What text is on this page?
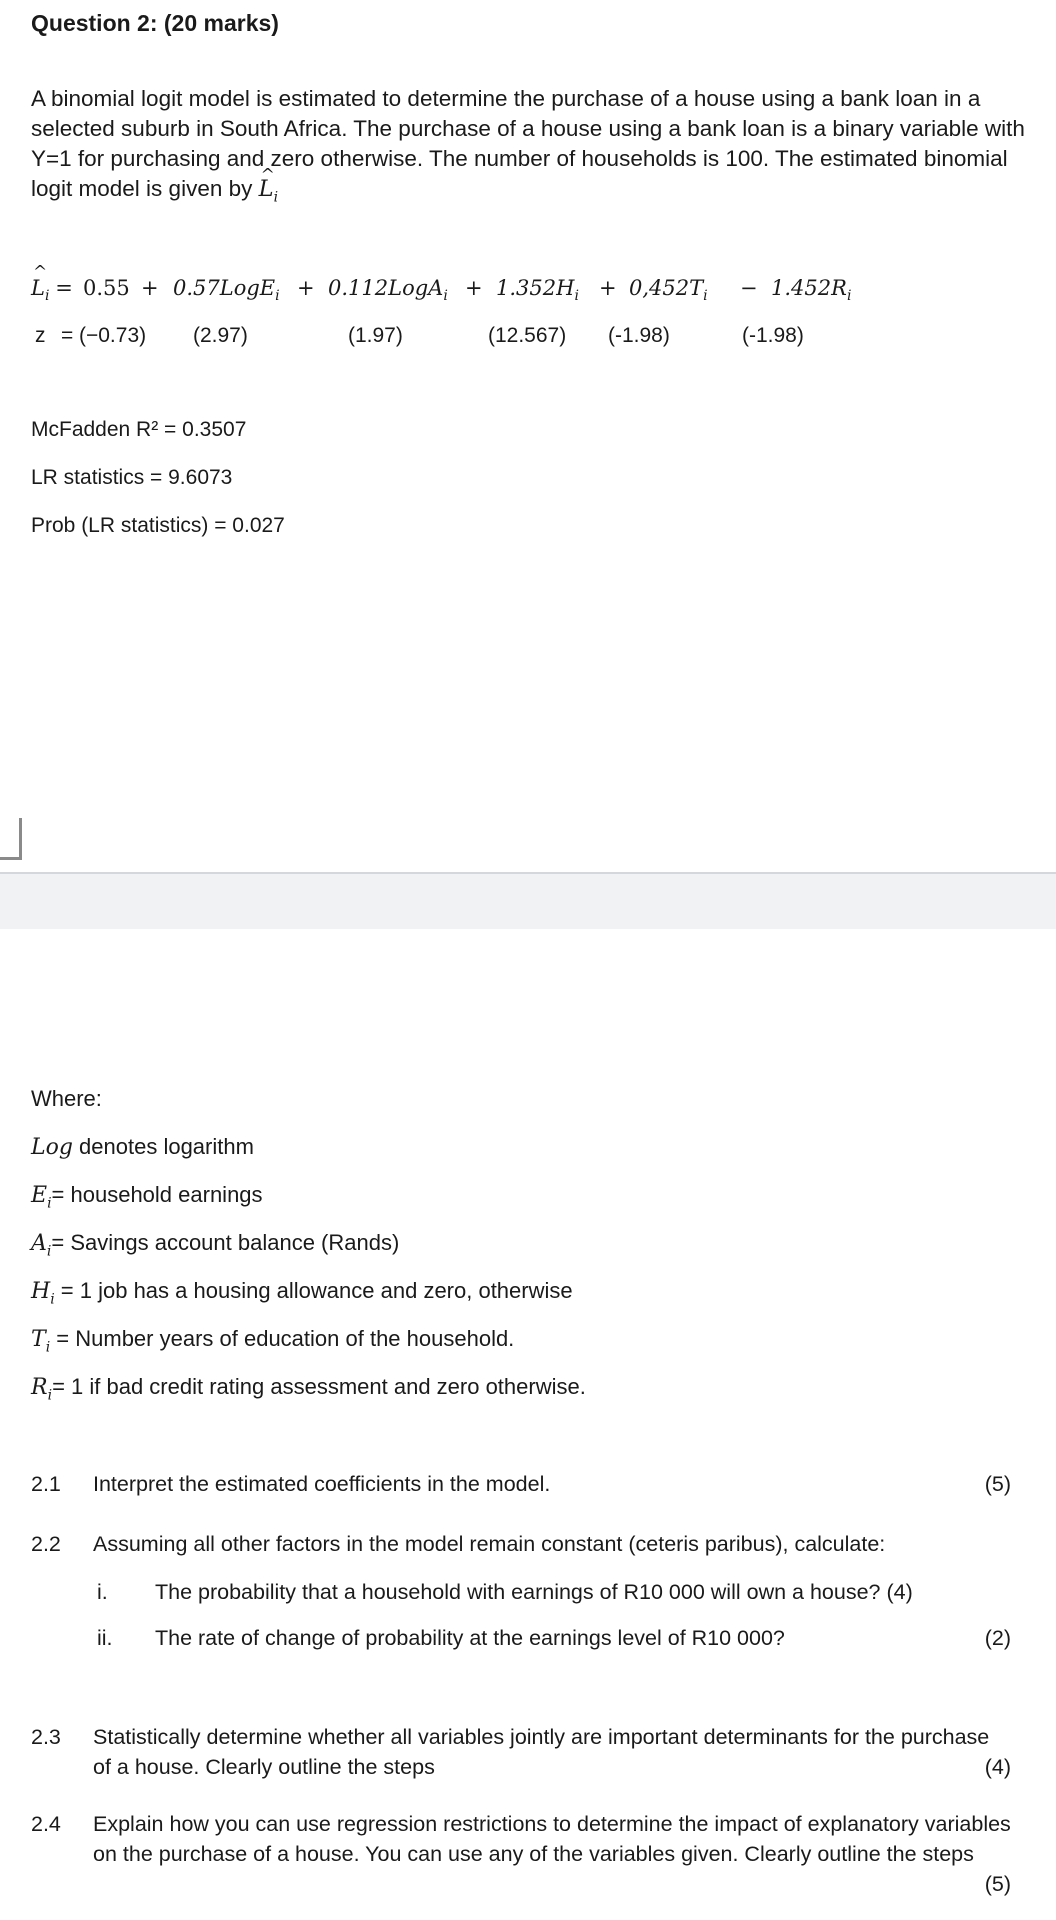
Question 2: (20 marks)
A binomial logit model is estimated to determine the purchase of a house using a bank loan in a selected suburb in South Africa. The purchase of a house using a bank loan is a binary variable with Y=1 for purchasing and zero otherwise. The number of households is 100. The estimated binomial logit model is given by ^ $L_i$
^ $L_i = 0.55$ + 0.57LogE$_i$ + 0.112LogA$_i$ + $1.352H_i + 0,452T_i - 1.452R_i$
z = (−0.73) (2.97)	(1.97)	(12.567) (-1.98)	(-1.98)
McFadden R² = 0.3507
LR statistics = 9.6073
Prob (LR statistics) = 0.027
Where:
Log denotes logarithm
$E_i=$ household earnings
$A_i=$ Savings account balance (Rands)
$H_i = 1$ job has a housing allowance and zero, otherwise
$T_i$ = Number years of education of the household.
$R_i= 1$ if bad credit rating assessment and zero otherwise.
2.1 Interpret the estimated coefficients in the model.	(5)
2.2 Assuming all other factors in the model remain constant (ceteris paribus), calculate:
i. The probability that a household with earnings of R10 000 will own a house? (4)
ii. The rate of change of probability at the earnings level of R10 000?	(2)
2.3 Statistically determine whether all variables jointly are important determinants for the purchase of a house. Clearly outline the steps	(4)
2.4 Explain how you can use regression restrictions to determine the impact of explanatory variables on the purchase of a house. You can use any of the variables given. Clearly outline the steps
(5)
